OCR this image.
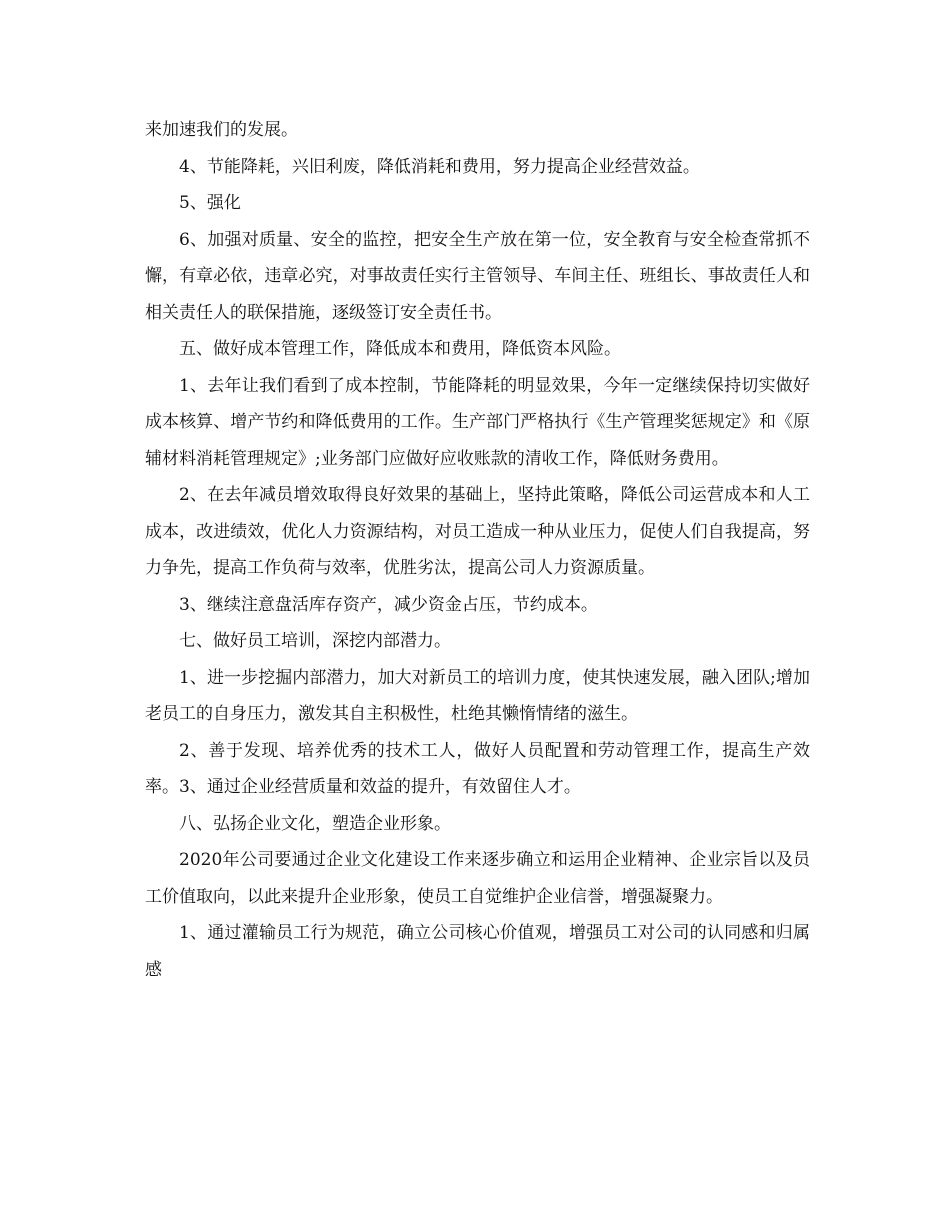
来加速我们的发展。

4、节能降耗，兴旧利废，降低消耗和费用，努力提高企业经营效益。

5、强化

6、加强对质量、安全的监控，把安全生产放在第一位，安全教育与安全检查常抓不懈，有章必依，违章必究，对事故责任实行主管领导、车间主任、班组长、事故责任人和相关责任人的联保措施，逐级签订安全责任书。

五、做好成本管理工作，降低成本和费用，降低资本风险。

1、去年让我们看到了成本控制，节能降耗的明显效果，今年一定继续保持切实做好成本核算、增产节约和降低费用的工作。生产部门严格执行《生产管理奖惩规定》和《原辅材料消耗管理规定》;业务部门应做好应收账款的清收工作，降低财务费用。

2、在去年减员增效取得良好效果的基础上，坚持此策略，降低公司运营成本和人工成本，改进绩效，优化人力资源结构，对员工造成一种从业压力，促使人们自我提高，努力争先，提高工作负荷与效率，优胜劣汰，提高公司人力资源质量。

3、继续注意盘活库存资产，减少资金占压，节约成本。

七、做好员工培训，深挖内部潜力。

1、进一步挖掘内部潜力，加大对新员工的培训力度，使其快速发展，融入团队;增加老员工的自身压力，激发其自主积极性，杜绝其懒惰情绪的滋生。

2、善于发现、培养优秀的技术工人，做好人员配置和劳动管理工作，提高生产效率。3、通过企业经营质量和效益的提升，有效留住人才。

八、弘扬企业文化，塑造企业形象。

2020年公司要通过企业文化建设工作来逐步确立和运用企业精神、企业宗旨以及员工价值取向，以此来提升企业形象，使员工自觉维护企业信誉，增强凝聚力。

1、通过灌输员工行为规范，确立公司核心价值观，增强员工对公司的认同感和归属感
